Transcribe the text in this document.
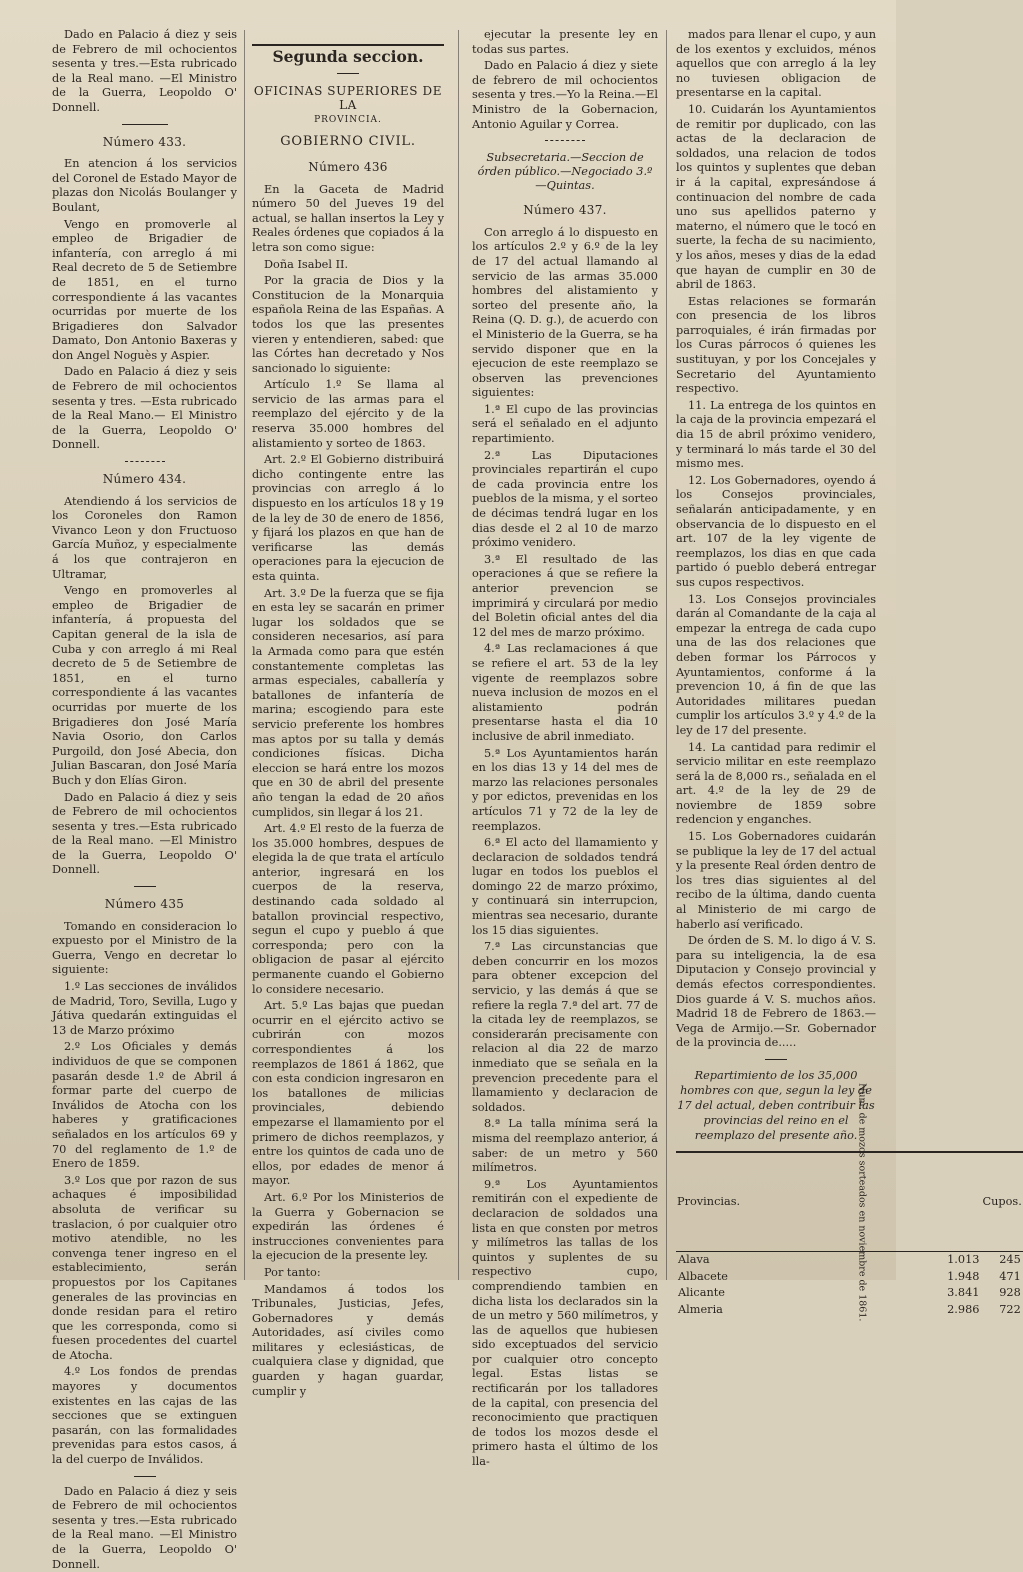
Dado en Palacio á diez y seis de Febrero de mil ochocientos sesenta y tres.—Esta rubricado de la Real mano. —El Ministro de la Guerra, Leopoldo O' Donnell.

Número 433.

En atencion á los servicios del Coronel de Estado Mayor de plazas don Nicolás Boulanger y Boulant,

Vengo en promoverle al empleo de Brigadier de infantería, con arreglo á mi Real decreto de 5 de Setiembre de 1851, en el turno correspondiente á las vacantes ocurridas por muerte de los Brigadieres don Salvador Damato, Don Antonio Baxeras y don Angel Noguès y Aspier.

Dado en Palacio á diez y seis de Febrero de mil ochocientos sesenta y tres. —Esta rubricado de la Real Mano.— El Ministro de la Guerra, Leopoldo O' Donnell.

Número 434.

Atendiendo á los servicios de los Coroneles don Ramon Vivanco Leon y don Fructuoso García Muñoz, y especialmente á los que contrajeron en Ultramar,

Vengo en promoverles al empleo de Brigadier de infantería, á propuesta del Capitan general de la isla de Cuba y con arreglo á mi Real decreto de 5 de Setiembre de 1851, en el turno correspondiente á las vacantes ocurridas por muerte de los Brigadieres don José María Navia Osorio, don Carlos Purgoild, don José Abecia, don Julian Bascaran, don José María Buch y don Elías Giron.

Dado en Palacio á diez y seis de Febrero de mil ochocientos sesenta y tres.—Esta rubricado de la Real mano. —El Ministro de la Guerra, Leopoldo O' Donnell.

Número 435

Tomando en consideracion lo expuesto por el Ministro de la Guerra, Vengo en decretar lo siguiente:

1.º Las secciones de inválidos de Madrid, Toro, Sevilla, Lugo y Játiva quedarán extinguidas el 13 de Marzo próximo

2.º Los Oficiales y demás individuos de que se componen pasarán desde 1.º de Abril á formar parte del cuerpo de Inválidos de Atocha con los haberes y gratificaciones señalados en los artículos 69 y 70 del reglamento de 1.º de Enero de 1859.

3.º Los que por razon de sus achaques é imposibilidad absoluta de verificar su traslacion, ó por cualquier otro motivo atendible, no les convenga tener ingreso en el establecimiento, serán propuestos por los Capitanes generales de las provincias en donde residan para el retiro que les corresponda, como si fuesen procedentes del cuartel de Atocha.

4.º Los fondos de prendas mayores y documentos existentes en las cajas de las secciones que se extinguen pasarán, con las formalidades prevenidas para estos casos, á la del cuerpo de Inválidos.

Dado en Palacio á diez y seis de Febrero de mil ochocientos sesenta y tres.—Esta rubricado de la Real mano. —El Ministro de la Guerra, Leopoldo O' Donnell.

Segunda seccion.

OFICINAS SUPERIORES DE LA

PROVINCIA.

GOBIERNO CIVIL.

Número 436

En la Gaceta de Madrid número 50 del Jueves 19 del actual, se hallan insertos la Ley y Reales órdenes que copiados á la letra son como sigue:

Doña Isabel II.

Por la gracia de Dios y la Constitucion de la Monarquia española Reina de las Españas. A todos los que las presentes vieren y entendieren, sabed: que las Córtes han decretado y Nos sancionado lo siguiente:

Artículo 1.º Se llama al servicio de las armas para el reemplazo del ejército y de la reserva 35.000 hombres del alistamiento y sorteo de 1863.

Art. 2.º El Gobierno distribuirá dicho contingente entre las provincias con arreglo á lo dispuesto en los artículos 18 y 19 de la ley de 30 de enero de 1856, y fijará los plazos en que han de verificarse las demás operaciones para la ejecucion de esta quinta.

Art. 3.º De la fuerza que se fija en esta ley se sacarán en primer lugar los soldados que se consideren necesarios, así para la Armada como para que estén constantemente completas las armas especiales, caballería y batallones de infantería de marina; escogiendo para este servicio preferente los hombres mas aptos por su talla y demás condiciones físicas. Dicha eleccion se hará entre los mozos que en 30 de abril del presente año tengan la edad de 20 años cumplidos, sin llegar á los 21.

Art. 4.º El resto de la fuerza de los 35.000 hombres, despues de elegida la de que trata el artículo anterior, ingresará en los cuerpos de la reserva, destinando cada soldado al batallon provincial respectivo, segun el cupo y pueblo á que corresponda; pero con la obligacion de pasar al ejército permanente cuando el Gobierno lo considere necesario.

Art. 5.º Las bajas que puedan ocurrir en el ejército activo se cubrirán con mozos correspondientes á los reemplazos de 1861 á 1862, que con esta condicion ingresaron en los batallones de milicias provinciales, debiendo empezarse el llamamiento por el primero de dichos reemplazos, y entre los quintos de cada uno de ellos, por edades de menor á mayor.

Art. 6.º Por los Ministerios de la Guerra y Gobernacion se expedirán las órdenes é instrucciones convenientes para la ejecucion de la presente ley.

Por tanto:

Mandamos á todos los Tribunales, Justicias, Jefes, Gobernadores y demás Autoridades, así civiles como militares y eclesiásticas, de cualquiera clase y dignidad, que guarden y hagan guardar, cumplir y

ejecutar la presente ley en todas sus partes.

Dado en Palacio á diez y siete de febrero de mil ochocientos sesenta y tres.—Yo la Reina.—El Ministro de la Gobernacion, Antonio Aguilar y Correa.

Subsecretaria.—Seccion de órden público.—Negociado 3.º—Quintas.

Número 437.

Con arreglo á lo dispuesto en los artículos 2.º y 6.º de la ley de 17 del actual llamando al servicio de las armas 35.000 hombres del alistamiento y sorteo del presente año, la Reina (Q. D. g.), de acuerdo con el Ministerio de la Guerra, se ha servido disponer que en la ejecucion de este reemplazo se observen las prevenciones siguientes:

1.ª El cupo de las provincias será el señalado en el adjunto repartimiento.

2.ª Las Diputaciones provinciales repartirán el cupo de cada provincia entre los pueblos de la misma, y el sorteo de décimas tendrá lugar en los dias desde el 2 al 10 de marzo próximo venidero.

3.ª El resultado de las operaciones á que se refiere la anterior prevencion se imprimirá y circulará por medio del Boletin oficial antes del dia 12 del mes de marzo próximo.

4.ª Las reclamaciones á que se refiere el art. 53 de la ley vigente de reemplazos sobre nueva inclusion de mozos en el alistamiento podrán presentarse hasta el dia 10 inclusive de abril inmediato.

5.ª Los Ayuntamientos harán en los dias 13 y 14 del mes de marzo las relaciones personales y por edictos, prevenidas en los artículos 71 y 72 de la ley de reemplazos.

6.ª El acto del llamamiento y declaracion de soldados tendrá lugar en todos los pueblos el domingo 22 de marzo próximo, y continuará sin interrupcion, mientras sea necesario, durante los 15 dias siguientes.

7.ª Las circunstancias que deben concurrir en los mozos para obtener excepcion del servicio, y las demás á que se refiere la regla 7.ª del art. 77 de la citada ley de reemplazos, se considerarán precisamente con relacion al dia 22 de marzo inmediato que se señala en la prevencion precedente para el llamamiento y declaracion de soldados.

8.ª La talla mínima será la misma del reemplazo anterior, á saber: de un metro y 560 milímetros.

9.ª Los Ayuntamientos remitirán con el expediente de declaracion de soldados una lista en que consten por metros y milímetros las tallas de los quintos y suplentes de su respectivo cupo, comprendiendo tambien en dicha lista los declarados sin la de un metro y 560 milímetros, y las de aquellos que hubiesen sido exceptuados del servicio por cualquier otro concepto legal. Estas listas se rectificarán por los talladores de la capital, con presencia del reconocimiento que practiquen de todos los mozos desde el primero hasta el último de los lla-

mados para llenar el cupo, y aun de los exentos y excluidos, ménos aquellos que con arreglo á la ley no tuviesen obligacion de presentarse en la capital.

10. Cuidarán los Ayuntamientos de remitir por duplicado, con las actas de la declaracion de soldados, una relacion de todos los quintos y suplentes que deban ir á la capital, expresándose á continuacion del nombre de cada uno sus apellidos paterno y materno, el número que le tocó en suerte, la fecha de su nacimiento, y los años, meses y dias de la edad que hayan de cumplir en 30 de abril de 1863.

Estas relaciones se formarán con presencia de los libros parroquiales, é irán firmadas por los Curas párrocos ó quienes les sustituyan, y por los Concejales y Secretario del Ayuntamiento respectivo.

11. La entrega de los quintos en la caja de la provincia empezará el dia 15 de abril próximo venidero, y terminará lo más tarde el 30 del mismo mes.

12. Los Gobernadores, oyendo á los Consejos provinciales, señalarán anticipadamente, y en observancia de lo dispuesto en el art. 107 de la ley vigente de reemplazos, los dias en que cada partido ó pueblo deberá entregar sus cupos respectivos.

13. Los Consejos provinciales darán al Comandante de la caja al empezar la entrega de cada cupo una de las dos relaciones que deben formar los Párrocos y Ayuntamientos, conforme á la prevencion 10, á fin de que las Autoridades militares puedan cumplir los artículos 3.º y 4.º de la ley de 17 del presente.

14. La cantidad para redimir el servicio militar en este reemplazo será la de 8,000 rs., señalada en el art. 4.º de la ley de 29 de noviembre de 1859 sobre redencion y enganches.

15. Los Gobernadores cuidarán se publique la ley de 17 del actual y la presente Real órden dentro de los tres dias siguientes al del recibo de la última, dando cuenta al Ministerio de mi cargo de haberlo así verificado.

De órden de S. M. lo digo á V. S. para su inteligencia, la de esa Diputacion y Consejo provincial y demás efectos correspondientes. Dios guarde á V. S. muchos años. Madrid 18 de Febrero de 1863.— Vega de Armijo.—Sr. Gobernador de la provincia de.....

Repartimiento de los 35,000 hombres con que, segun la ley de 17 del actual, deben contribuir las provincias del reino en el reemplazo del presente año.

Provincias.	Num. de mozos sorteados en noviembre de 1861.	Cupos.
Alava	1.013	245
Albacete	1.948	471
Alicante	3.841	928
Almeria	2.986	722
